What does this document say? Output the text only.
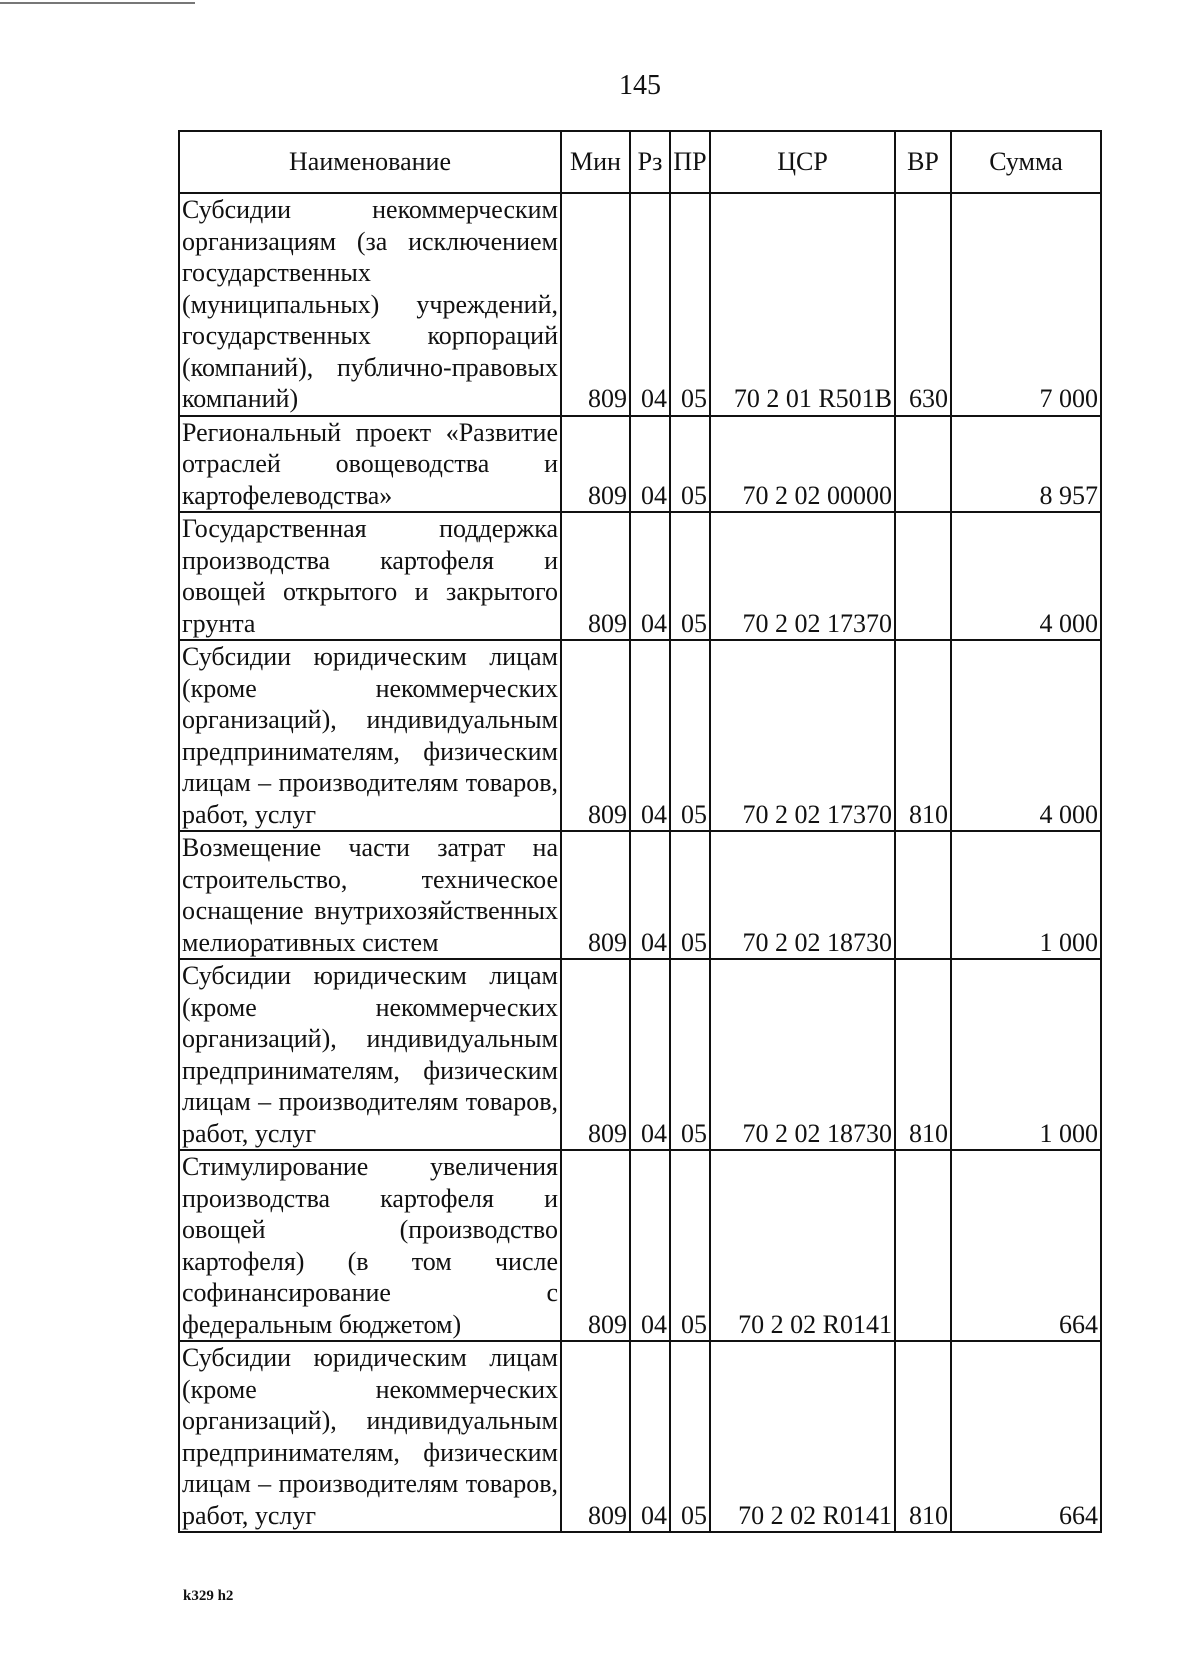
145
Наименование	Мин	Рз	ПР	ЦСР	ВР	Сумма
Субсидии некоммерческим организациям (за исключением государственных (муниципальных) учреждений, государственных корпораций (компаний), публично-правовых компаний)	809	04	05	70 2 01 R501B	630	7 000
Региональный проект «Развитие отраслей овощеводства и картофелеводства»	809	04	05	70 2 02 00000		8 957
Государственная поддержка производства картофеля и овощей открытого и закрытого грунта	809	04	05	70 2 02 17370		4 000
Субсидии юридическим лицам (кроме некоммерческих организаций), индивидуальным предпринимателям, физическим лицам – производителям товаров, работ, услуг	809	04	05	70 2 02 17370	810	4 000
Возмещение части затрат на строительство, техническое оснащение внутрихозяйственных мелиоративных систем	809	04	05	70 2 02 18730		1 000
Субсидии юридическим лицам (кроме некоммерческих организаций), индивидуальным предпринимателям, физическим лицам – производителям товаров, работ, услуг	809	04	05	70 2 02 18730	810	1 000
Стимулирование увеличения производства картофеля и овощей (производство картофеля) (в том числе софинансирование с федеральным бюджетом)	809	04	05	70 2 02 R0141		664
Субсидии юридическим лицам (кроме некоммерческих организаций), индивидуальным предпринимателям, физическим лицам – производителям товаров, работ, услуг	809	04	05	70 2 02 R0141	810	664
k329 h2
